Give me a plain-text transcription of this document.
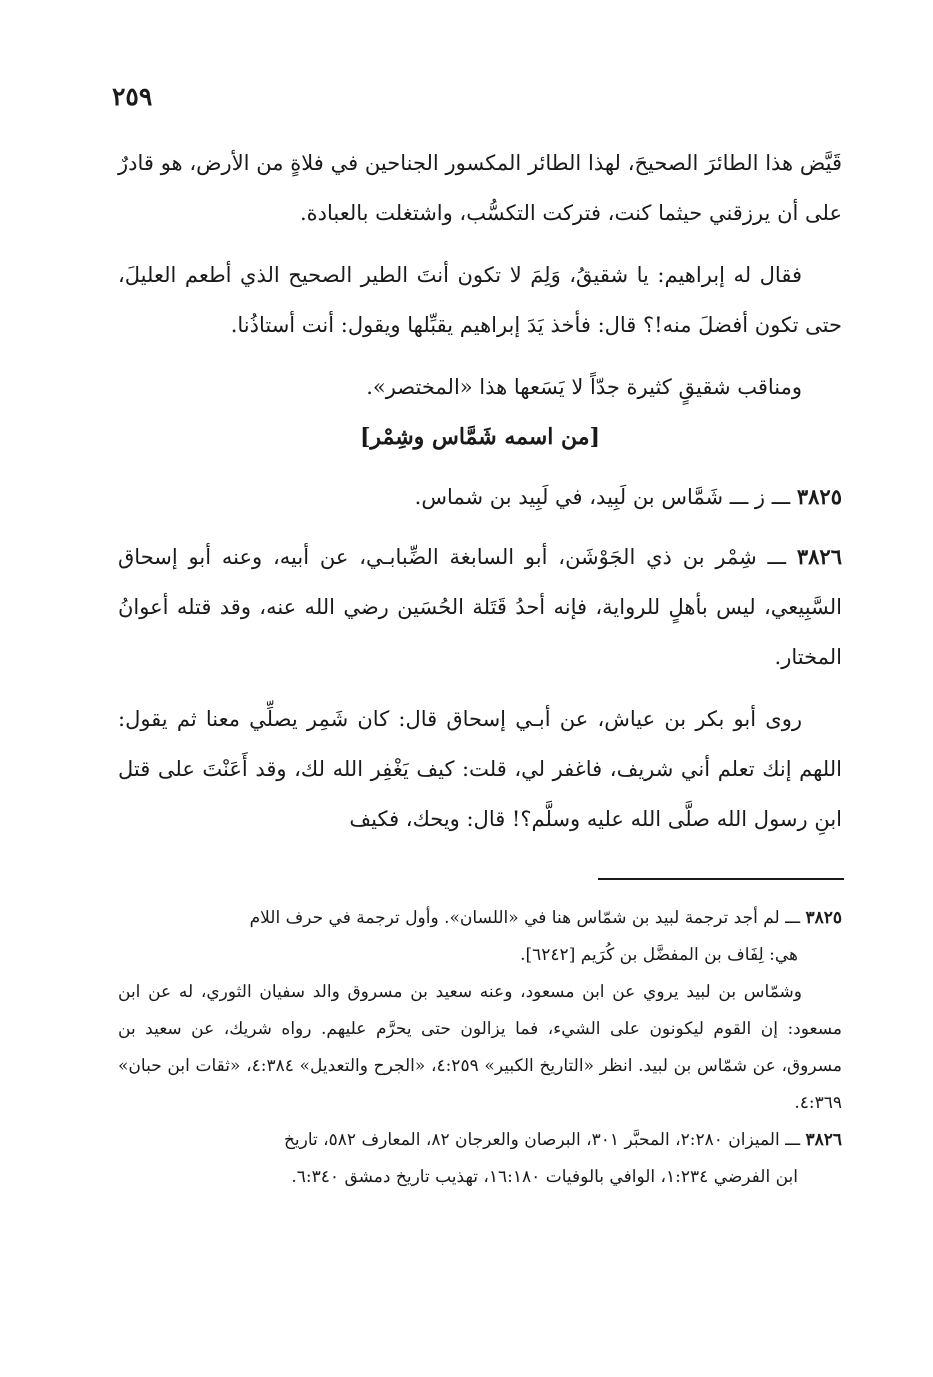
٢٥٩

قَيَّض هذا الطائرَ الصحيحَ، لهذا الطائر المكسور الجناحين في فلاةٍ من الأرض، هو قادرٌ على أن يرزقني حيثما كنت، فتركت التكسُّب، واشتغلت بالعبادة.

فقال له إبراهيم: يا شقيقُ، وَلِمَ لا تكون أنتَ الطير الصحيح الذي أطعم العليلَ، حتى تكون أفضلَ منه!؟ قال: فأخذ يَدَ إبراهيم يقبِّلها ويقول: أنت أستاذُنا.

ومناقب شقيقٍ كثيرة جدّاً لا يَسَعها هذا «المختصر».

[من اسمه شَمَّاس وشِمْر]

٣٨٢٥ ـــ ز ـــ شَمَّاس بن لَبِيد، في لَبِيد بن شماس.

٣٨٢٦ ـــ شِمْر بن ذي الجَوْشَن، أبو السابغة الضِّبابـي، عن أبيه، وعنه أبو إسحاق السَّبِيعي، ليس بأهلٍ للرواية، فإنه أحدُ قَتَلة الحُسَين رضي الله عنه، وقد قتله أعوانُ المختار.

روى أبو بكر بن عياش، عن أبـي إسحاق قال: كان شَمِر يصلِّي معنا ثم يقول: اللهم إنك تعلم أني شريف، فاغفر لي، قلت: كيف يَغْفِر الله لك، وقد أَعَنْتَ على قتل ابنِ رسول الله صلَّى الله عليه وسلَّم؟! قال: ويحك، فكيف

٣٨٢٥ ـــ لم أجد ترجمة لبيد بن شمّاس هنا في «اللسان». وأول ترجمة في حرف اللام

هي: لِفَاف بن المفضَّل بن كُرَيم [٦٢٤٢].

وشمّاس بن لبيد يروي عن ابن مسعود، وعنه سعيد بن مسروق والد سفيان الثوري، له عن ابن مسعود: إن القوم ليكونون على الشيء، فما يزالون حتى يحرَّم عليهم. رواه شريك، عن سعيد بن مسروق، عن شمّاس بن لبيد. انظر «التاريخ الكبير» ٤:٢٥٩، «الجرح والتعديل» ٤:٣٨٤، «ثقات ابن حبان» ٤:٣٦٩.

٣٨٢٦ ـــ الميزان ٢:٢٨٠، المحبَّر ٣٠١، البرصان والعرجان ٨٢، المعارف ٥٨٢، تاريخ

ابن الفرضي ١:٢٣٤، الوافي بالوفيات ١٦:١٨٠، تهذيب تاريخ دمشق ٦:٣٤٠.
